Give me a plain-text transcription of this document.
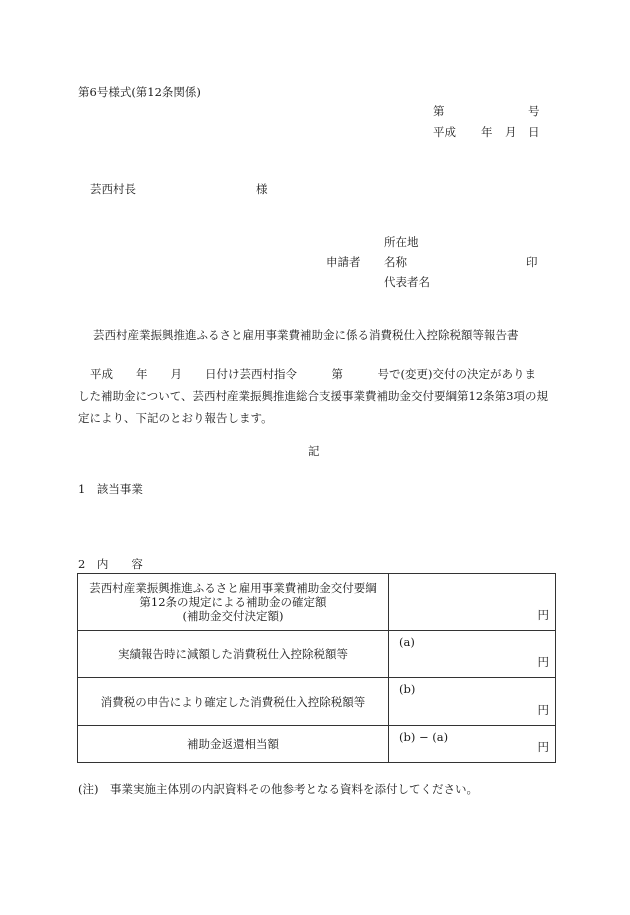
第6号様式(第12条関係)
第	号
平成 年 月 日
芸西村長	様
所在地
申請者 名称	印
代表者名
芸西村産業振興推進ふるさと雇用事業費補助金に係る消費税仕入控除税額等報告書
平成　　年　　月　　日付け芸西村指令　　　第　　　号で(変更)交付の決定がありま
した補助金について、芸西村産業振興推進総合支援事業費補助金交付要綱第12条第3項の規
定により、下記のとおり報告します。
記
1　該当事業
2　内　　容
芸西村産業振興推進ふるさと雇用事業費補助金交付要綱
第12条の規定による補助金の確定額
(補助金交付決定額)	円

実績報告時に減額した消費税仕入控除税額等	(a)
円

消費税の申告により確定した消費税仕入控除税額等	(b)
円

補助金返還相当額	(b) − (a)
円
(注)　事業実施主体別の内訳資料その他参考となる資料を添付してください。
